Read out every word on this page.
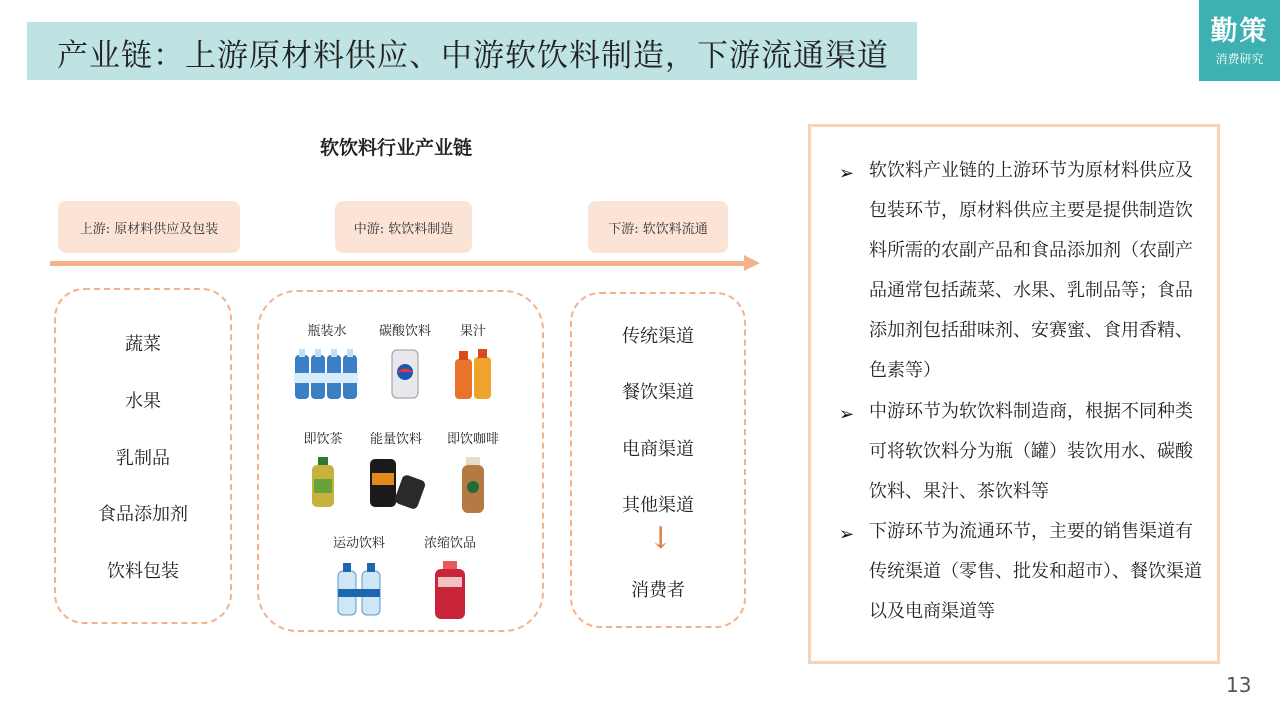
产业链：上游原材料供应、中游软饮料制造，下游流通渠道
勤策
消费研究
软饮料行业产业链
上游: 原材料供应及包装	中游: 软饮料制造	下游: 软饮料流通
蔬菜
水果
乳制品
食品添加剂
饮料包装
瓶装水	碳酸饮料	果汁
即饮茶	能量饮料	即饮咖啡
运动饮料	浓缩饮品
传统渠道
餐饮渠道
电商渠道
其他渠道
↓
消费者
➢ 软饮料产业链的上游环节为原材料供应及包装环节，原材料供应主要是提供制造饮料所需的农副产品和食品添加剂（农副产品通常包括蔬菜、水果、乳制品等；食品添加剂包括甜味剂、安赛蜜、食用香精、色素等）
➢ 中游环节为软饮料制造商，根据不同种类可将软饮料分为瓶（罐）装饮用水、碳酸饮料、果汁、茶饮料等
➢ 下游环节为流通环节，主要的销售渠道有传统渠道（零售、批发和超市）、餐饮渠道以及电商渠道等
13
